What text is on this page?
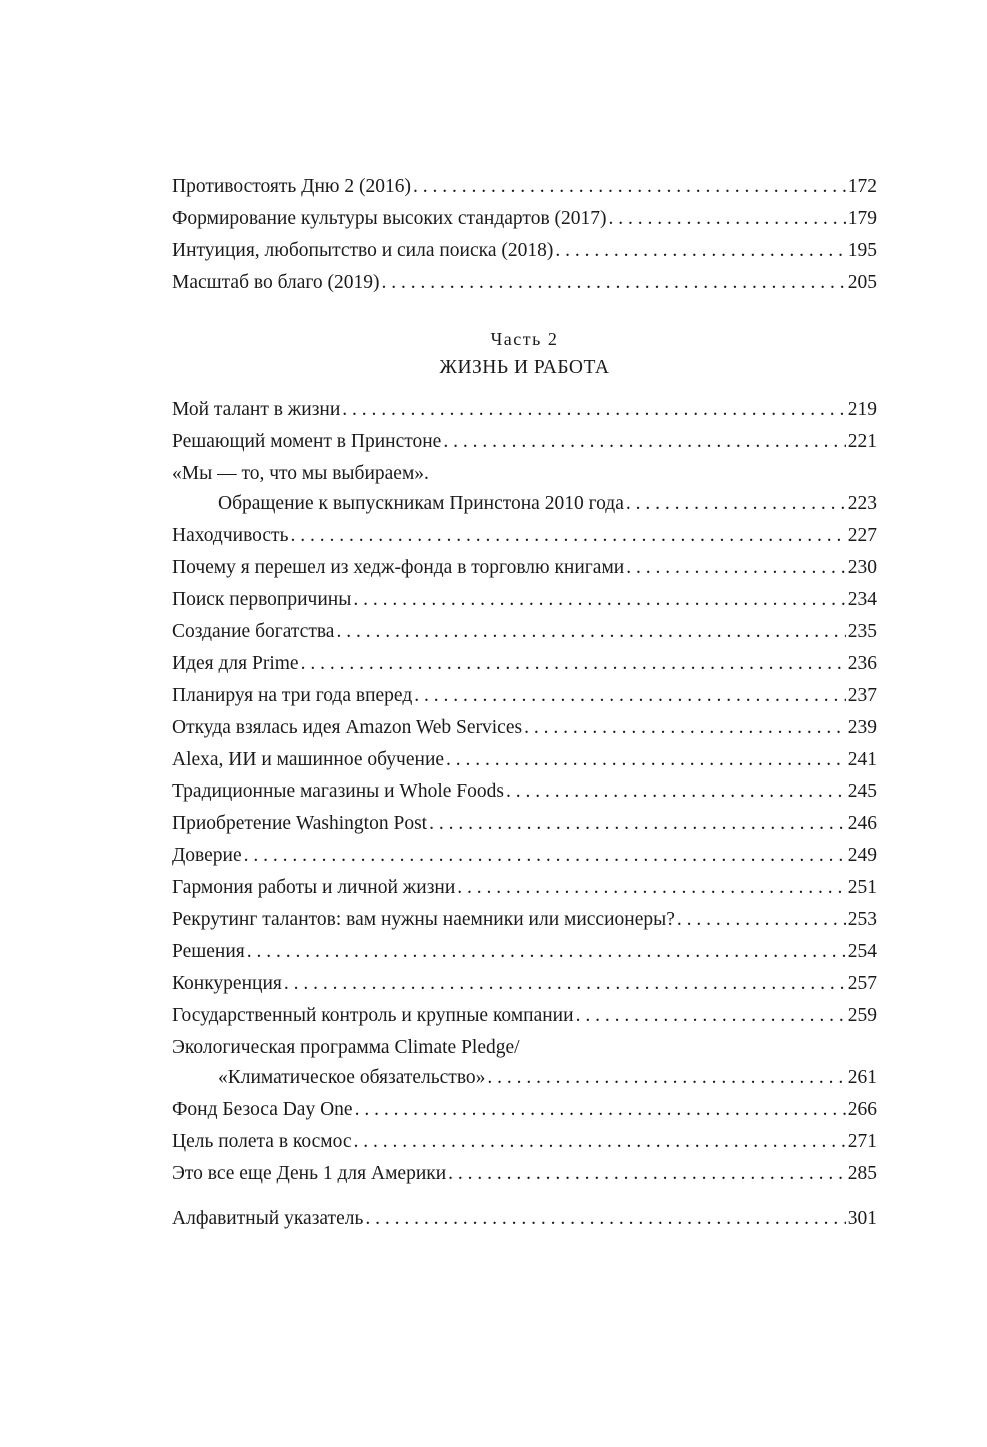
Противостоять Дню 2 (2016) . . .	172
Формирование культуры высоких стандартов (2017) . . .	179
Интуиция, любопытство и сила поиска (2018) . . .	195
Масштаб во благо (2019) . . .	205
Часть 2
ЖИЗНЬ И РАБОТА
Мой талант в жизни . . .	219
Решающий момент в Принстоне . . .	221
«Мы — то, что мы выбираем».
Обращение к выпускникам Принстона 2010 года . . .	223
Находчивость . . .	227
Почему я перешел из хедж-фонда в торговлю книгами . . .	230
Поиск первопричины . . .	234
Создание богатства . . .	235
Идея для Prime . . .	236
Планируя на три года вперед . . .	237
Откуда взялась идея Amazon Web Services . . .	239
Alexa, ИИ и машинное обучение . . .	241
Традиционные магазины и Whole Foods . . .	245
Приобретение Washington Post . . .	246
Доверие . . .	249
Гармония работы и личной жизни . . .	251
Рекрутинг талантов: вам нужны наемники или миссионеры? . . .	253
Решения . . .	254
Конкуренция . . .	257
Государственный контроль и крупные компании . . .	259
Экологическая программа Climate Pledge/
«Климатическое обязательство» . . .	261
Фонд Безоса Day One . . .	266
Цель полета в космос . . .	271
Это все еще День 1 для Америки . . .	285
Алфавитный указатель . . .	301
